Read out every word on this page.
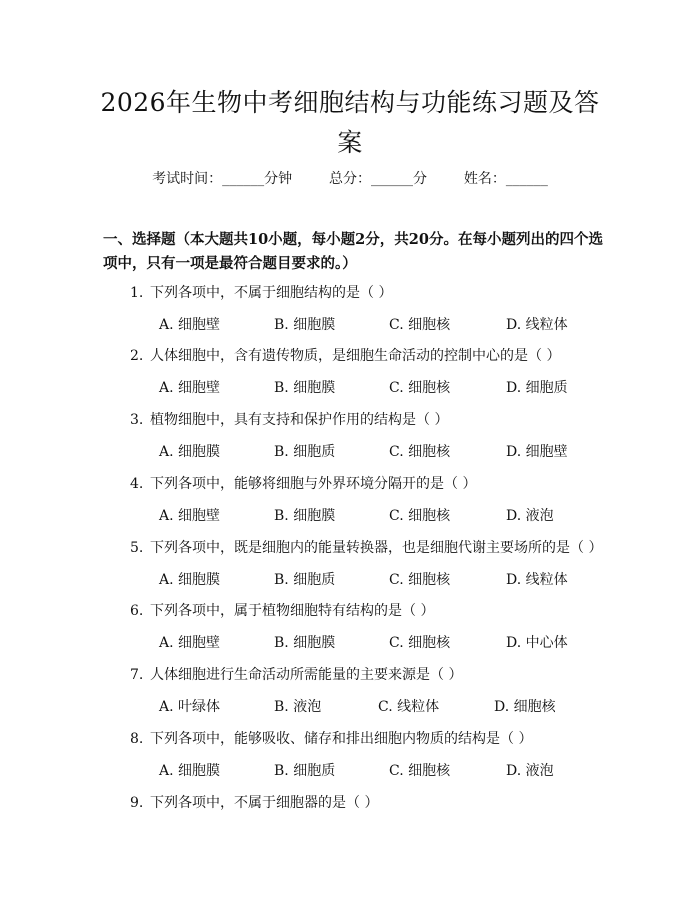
2026年生物中考细胞结构与功能练习题及答案
考试时间：______分钟	总分：______分	姓名：______
一、选择题（本大题共10小题，每小题2分，共20分。在每小题列出的四个选项中，只有一项是最符合题目要求的。）
1. 下列各项中，不属于细胞结构的是（ ）
A. 细胞壁	B. 细胞膜	C. 细胞核	D. 线粒体
2. 人体细胞中，含有遗传物质，是细胞生命活动的控制中心的是（ ）
A. 细胞壁	B. 细胞膜	C. 细胞核	D. 细胞质
3. 植物细胞中，具有支持和保护作用的结构是（ ）
A. 细胞膜	B. 细胞质	C. 细胞核	D. 细胞壁
4. 下列各项中，能够将细胞与外界环境分隔开的是（ ）
A. 细胞壁	B. 细胞膜	C. 细胞核	D. 液泡
5. 下列各项中，既是细胞内的能量转换器，也是细胞代谢主要场所的是（ ）
A. 细胞膜	B. 细胞质	C. 细胞核	D. 线粒体
6. 下列各项中，属于植物细胞特有结构的是（ ）
A. 细胞壁	B. 细胞膜	C. 细胞核	D. 中心体
7. 人体细胞进行生命活动所需能量的主要来源是（ ）
A. 叶绿体	B. 液泡	C. 线粒体	D. 细胞核
8. 下列各项中，能够吸收、储存和排出细胞内物质的结构是（ ）
A. 细胞膜	B. 细胞质	C. 细胞核	D. 液泡
9. 下列各项中，不属于细胞器的是（ ）
